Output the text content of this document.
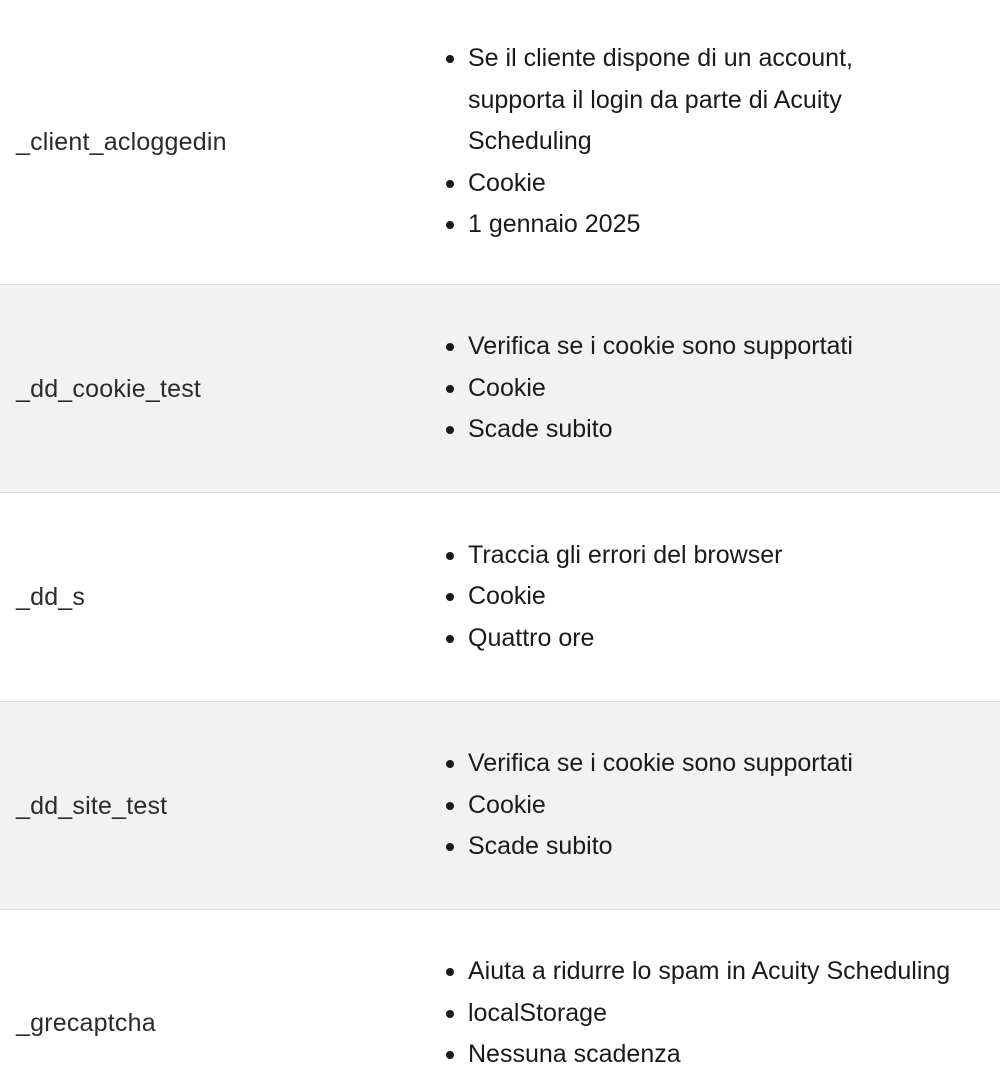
_client_acloggedin
Se il cliente dispone di un account, supporta il login da parte di Acuity Scheduling
Cookie
1 gennaio 2025
_dd_cookie_test
Verifica se i cookie sono supportati
Cookie
Scade subito
_dd_s
Traccia gli errori del browser
Cookie
Quattro ore
_dd_site_test
Verifica se i cookie sono supportati
Cookie
Scade subito
_grecaptcha
Aiuta a ridurre lo spam in Acuity Scheduling
localStorage
Nessuna scadenza
